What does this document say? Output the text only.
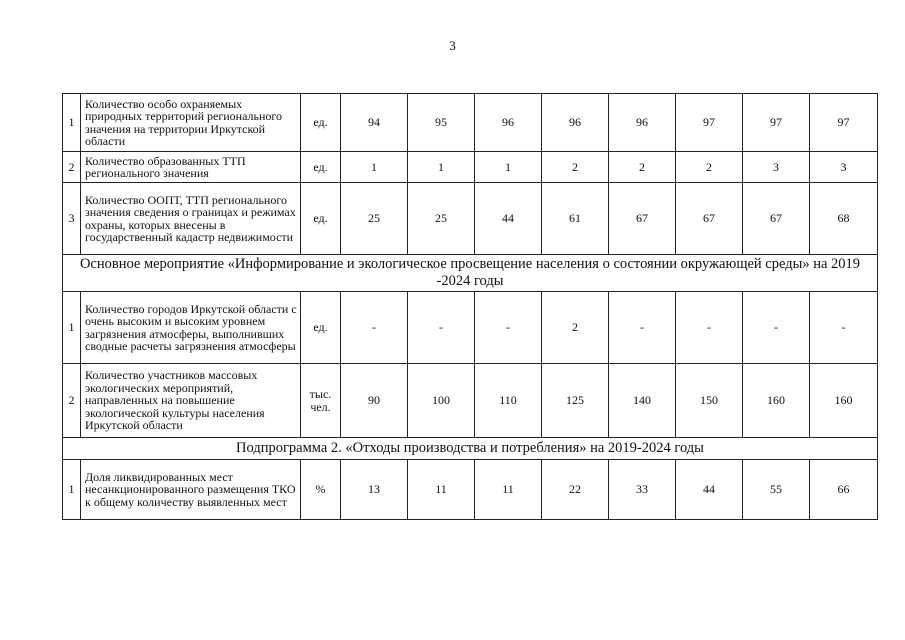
3
1	Количество особо охраняемых природных территорий регионального значения на территории Иркутской области	ед.	94	95	96	96	96	97	97	97
2	Количество образованных ТТП регионального значения	ед.	1	1	1	2	2	2	3	3
3	Количество ООПТ, ТТП регионального значения сведения о границах и режимах охраны, которых внесены в государственный кадастр недвижимости	ед.	25	25	44	61	67	67	67	68
Основное мероприятие «Информирование и экологическое просвещение населения о состоянии окружающей среды» на 2019 -2024 годы										
1	Количество городов Иркутской области с очень высоким и высоким уровнем загрязнения атмосферы, выполнивших сводные расчеты загрязнения атмосферы	ед.	-	-	-	2	-	-	-	-
2	Количество участников массовых экологических мероприятий, направленных на повышение экологической культуры населения Иркутской области	тыс. чел.	90	100	110	125	140	150	160	160
Подпрограмма 2. «Отходы производства и потребления» на 2019-2024 годы										
1	Доля ликвидированных мест несанкционированного размещения ТКО к общему количеству выявленных мест	%	13	11	11	22	33	44	55	66
